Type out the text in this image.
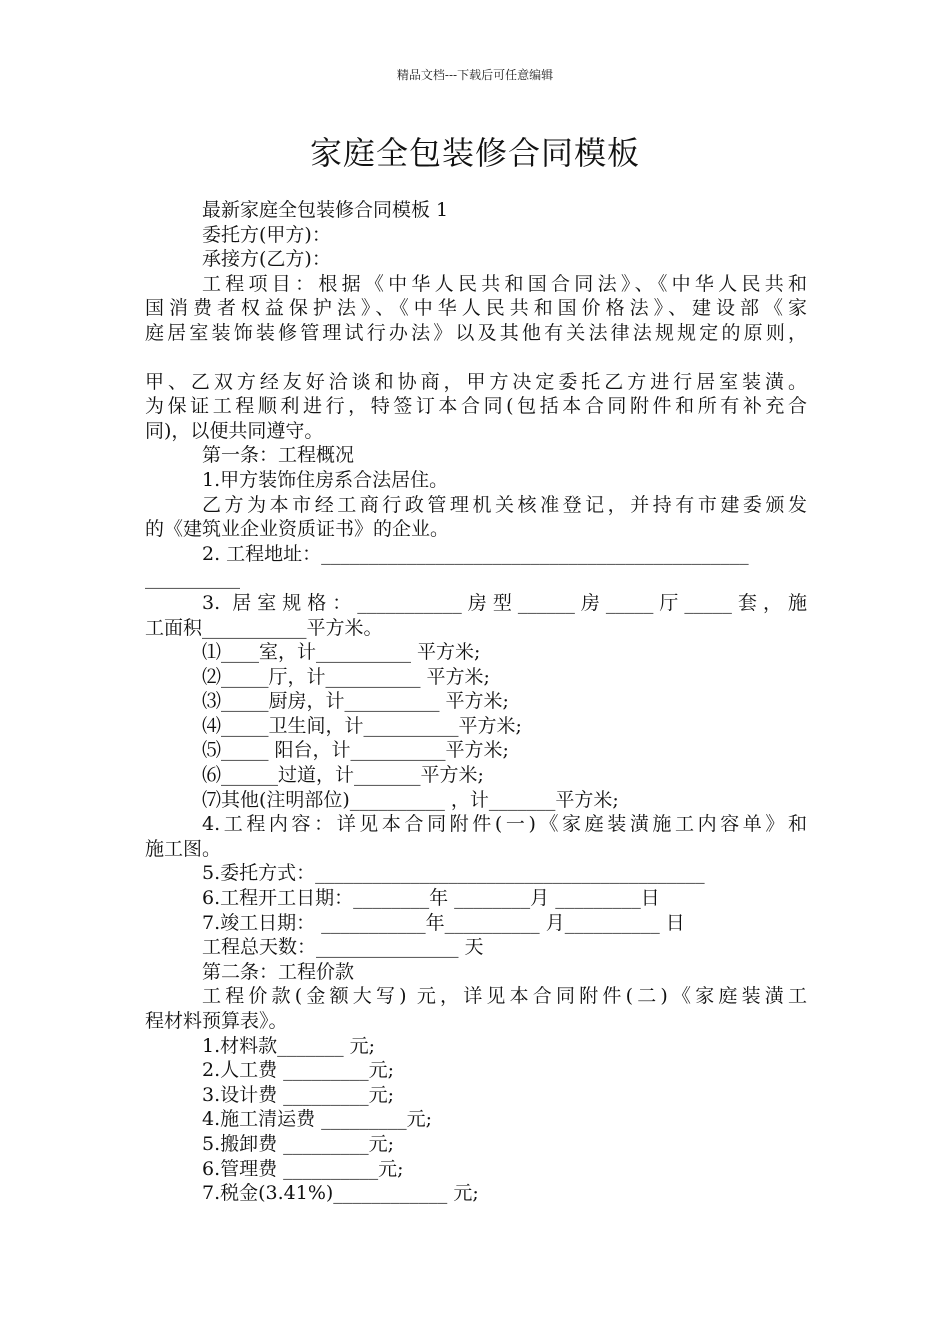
精品文档---下载后可任意编辑
家庭全包装修合同模板

最新家庭全包装修合同模板 1

委托方(甲方)：

承接方(乙方)：

工程项目：根据《中华人民共和国合同法》、《中华人民共和

国消费者权益保护法》、《中华人民共和国价格法》、建设部《家

庭居室装饰装修管理试行办法》以及其他有关法律法规规定的原则，

甲、乙双方经友好洽谈和协商，甲方决定委托乙方进行居室装潢。

为保证工程顺利进行，特签订本合同(包括本合同附件和所有补充合

同)，以便共同遵守。

第一条：工程概况

1.甲方装饰住房系合法居住。

乙方为本市经工商行政管理机关核准登记，并持有市建委颁发

的《建筑业企业资质证书》的企业。

2. 工程地址：_____________________________________________

__________

3. 居室规格：___________房型______房_____厅_____套，施

工面积___________平方米。

⑴____室，计__________ 平方米;

⑵_____厅，计__________ 平方米;

⑶_____厨房，计__________ 平方米;

⑷_____卫生间，计__________平方米;

⑸_____ 阳台，计__________平方米;

⑹______过道，计_______平方米;

⑺其他(注明部位)__________ ，计_______平方米;

4.工程内容：详见本合同附件(一)《家庭装潢施工内容单》和

施工图。

5.委托方式：_________________________________________

6.工程开工日期：________年 ________月 _________日

7.竣工日期： ___________年__________ 月__________ 日

工程总天数：_______________ 天

第二条：工程价款

工程价款(金额大写) 元，详见本合同附件(二)《家庭装潢工

程材料预算表》。

1.材料款_______ 元;

2.人工费 _________元;

3.设计费 _________元;

4.施工清运费 _________元;

5.搬卸费 _________元;

6.管理费 __________元;

7.税金(3.41%)____________ 元;
